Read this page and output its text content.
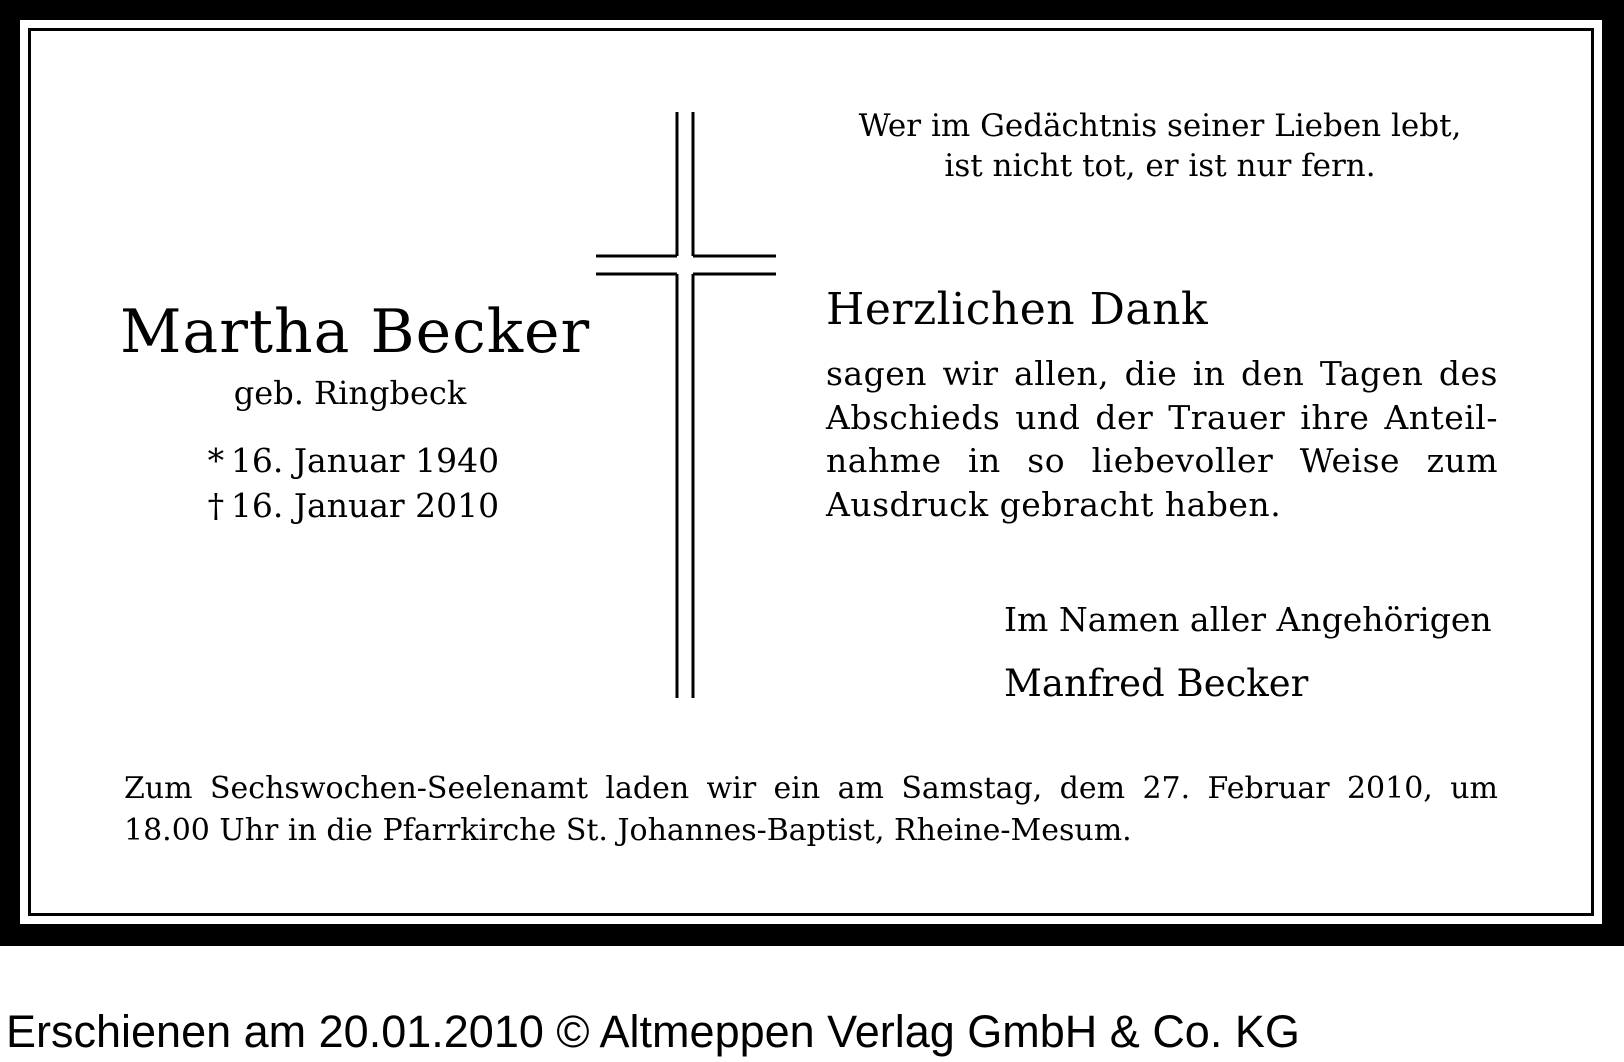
Wer im Gedächtnis seiner Lieben lebt,
ist nicht tot, er ist nur fern.
Martha Becker
geb. Ringbeck
* 16. Januar 1940
† 16. Januar 2010
Herzlichen Dank
sagen wir allen, die in den Tagen des
Abschieds und der Trauer ihre Anteil-
nahme in so liebevoller Weise zum
Ausdruck gebracht haben.
Im Namen aller Angehörigen
Manfred Becker
Zum Sechswochen-Seelenamt laden wir ein am Samstag, dem 27. Februar 2010, um
18.00 Uhr in die Pfarrkirche St. Johannes-Baptist, Rheine-Mesum.
Erschienen am 20.01.2010 © Altmeppen Verlag GmbH & Co. KG
